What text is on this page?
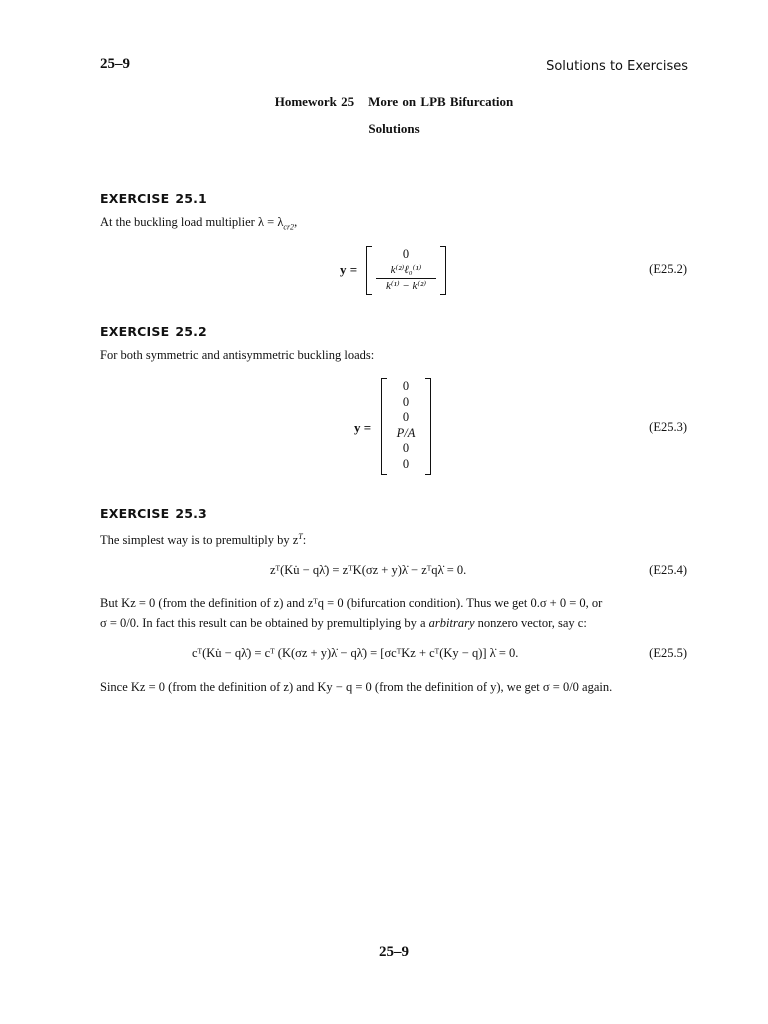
25–9	Solutions to Exercises
Homework 25 More on LPB Bifurcation
Solutions
EXERCISE 25.1
At the buckling load multiplier $\lambda = \lambda_{cr2}$,
y =
0
k⁽²⁾ℓ₀⁽¹⁾
k⁽¹⁾ − k⁽²⁾
(E25.2)
EXERCISE 25.2
For both symmetric and antisymmetric buckling loads:
y =
0
0
0
P/A
0
0
(E25.3)
EXERCISE 25.3
The simplest way is to premultiply by $z^T$:
zᵀ(Ku̇ − qλ̇) = zᵀK(σz + y)λ̇ − zᵀqλ̇ = 0.	(E25.4)
But Kz = 0 (from the definition of z) and zᵀq = 0 (bifurcation condition). Thus we get 0.σ + 0 = 0, or
σ = 0/0. In fact this result can be obtained by premultiplying by a arbitrary nonzero vector, say c:
cᵀ(Ku̇ − qλ̇) = cᵀ (K(σz + y)λ̇ − qλ̇) = [σcᵀKz + cᵀ(Ky − q)] λ̇ = 0.	(E25.5)
Since Kz = 0 (from the definition of z) and Ky − q = 0 (from the definition of y), we get σ = 0/0 again.
25–9
